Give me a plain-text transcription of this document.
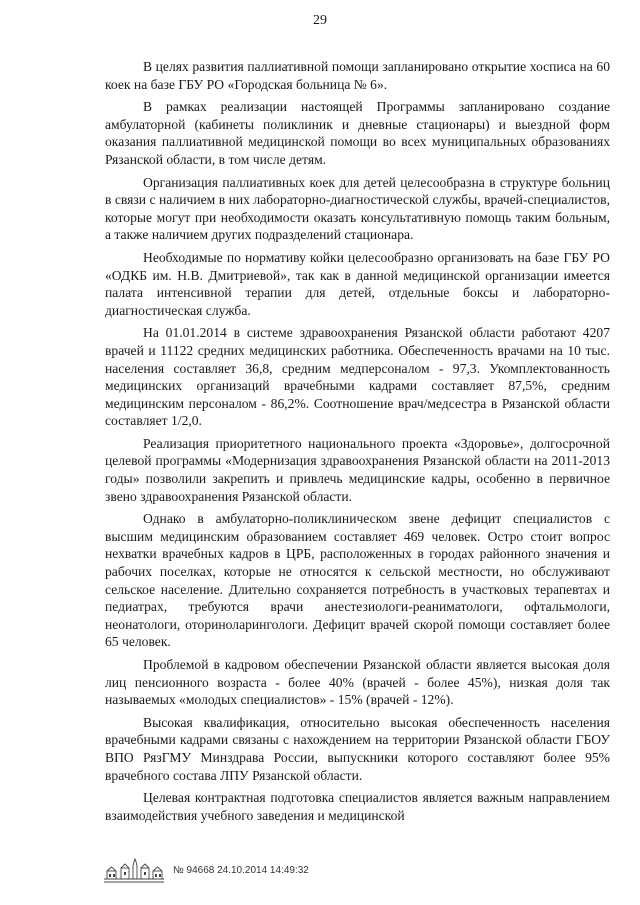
29

В целях развития паллиативной помощи запланировано открытие хосписа на 60 коек на базе ГБУ РО «Городская больница № 6».

В рамках реализации настоящей Программы запланировано создание амбулаторной (кабинеты поликлиник и дневные стационары) и выездной форм оказания паллиативной медицинской помощи во всех муниципальных образованиях Рязанской области, в том числе детям.

Организация паллиативных коек для детей целесообразна в структуре больниц в связи с наличием в них лабораторно-диагностической службы, врачей-специалистов, которые могут при необходимости оказать консультативную помощь таким больным, а также наличием других подразделений стационара.

Необходимые по нормативу койки целесообразно организовать на базе ГБУ РО «ОДКБ им. Н.В. Дмитриевой», так как в данной медицинской организации имеется палата интенсивной терапии для детей, отдельные боксы и лабораторно-диагностическая служба.

На 01.01.2014 в системе здравоохранения Рязанской области работают 4207 врачей и 11122 средних медицинских работника. Обеспеченность врачами на 10 тыс. населения составляет 36,8, средним медперсоналом - 97,3. Укомплектованность медицинских организаций врачебными кадрами составляет 87,5%, средним медицинским персоналом - 86,2%. Соотношение врач/медсестра в Рязанской области составляет 1/2,0.

Реализация приоритетного национального проекта «Здоровье», долгосрочной целевой программы «Модернизация здравоохранения Рязанской области на 2011-2013 годы» позволили закрепить и привлечь медицинские кадры, особенно в первичное звено здравоохранения Рязанской области.

Однако в амбулаторно-поликлиническом звене дефицит специалистов с высшим медицинским образованием составляет 469 человек. Остро стоит вопрос нехватки врачебных кадров в ЦРБ, расположенных в городах районного значения и рабочих поселках, которые не относятся к сельской местности, но обслуживают сельское население. Длительно сохраняется потребность в участковых терапевтах и педиатрах, требуются врачи анестезиологи-реаниматологи, офтальмологи, неонатологи, оториноларингологи. Дефицит врачей скорой помощи составляет более 65 человек.

Проблемой в кадровом обеспечении Рязанской области является высокая доля лиц пенсионного возраста - более 40% (врачей - более 45%), низкая доля так называемых «молодых специалистов» - 15% (врачей - 12%).

Высокая квалификация, относительно высокая обеспеченность населения врачебными кадрами связаны с нахождением на территории Рязанской области ГБОУ ВПО РязГМУ Минздрава России, выпускники которого составляют более 95% врачебного состава ЛПУ Рязанской области.

Целевая контрактная подготовка специалистов является важным направлением взаимодействия учебного заведения и медицинской

№ 94668 24.10.2014 14:49:32
